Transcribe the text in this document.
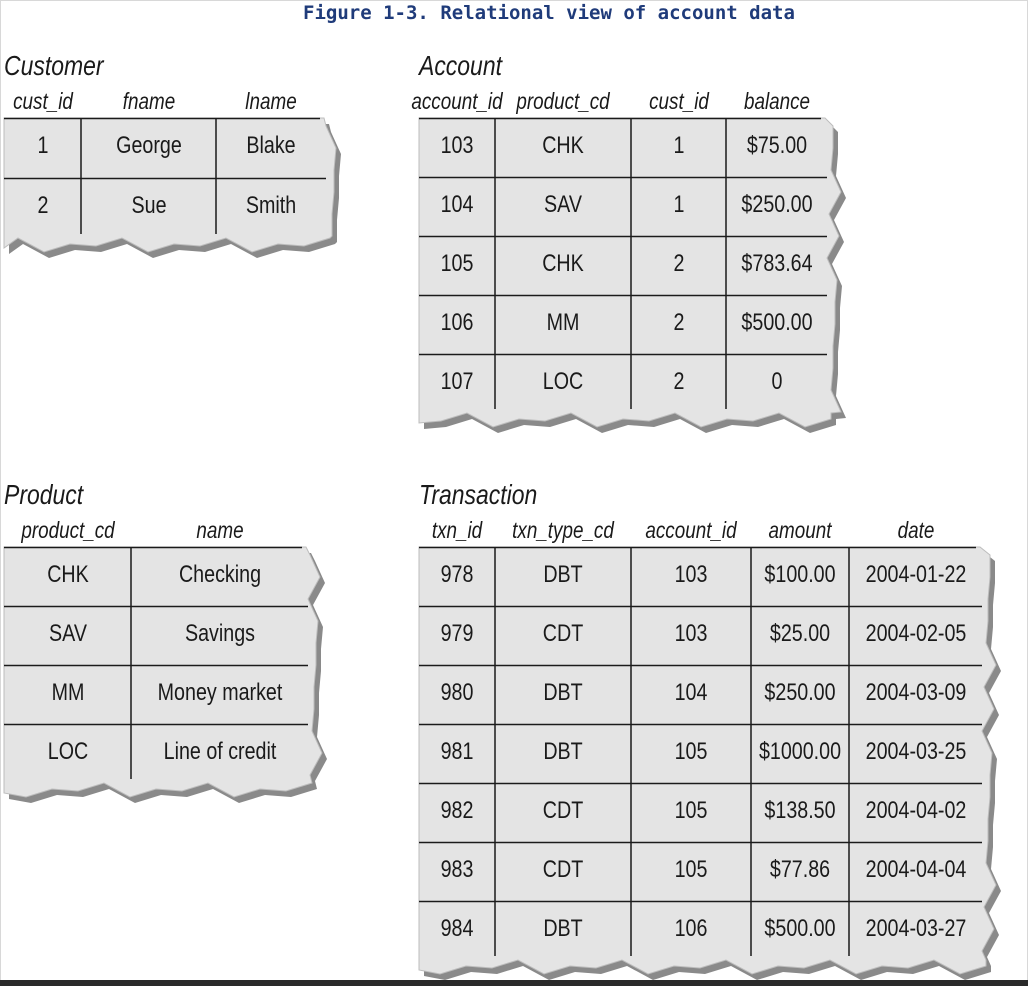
Figure 1-3. Relational view of account data
Customer
cust_id fname	lname
1	George	Blake
2	Sue	Smith
Account
account_id product_cd cust_id balance
103	CHK	1	$75.00
104	SAV	1 $250.00
105	CHK	2 $783.64
106	MM	2 $500.00
107	LOC	2	0
Product
product_cd	name
CHK	Checking
SAV	Savings
MM	Money market
LOC	Line of credit
Transaction
txn_id txn_type_cd account_id amount	date
978	DBT	103 $100.00 2004-01-22
979	CDT	103	$25.00 2004-02-05
980	DBT	104 $250.00 2004-03-09
981	DBT	105 $1000.00 2004-03-25
982	CDT	105 $138.50 2004-04-02
983	CDT	105	$77.86 2004-04-04
984	DBT	106 $500.00 2004-03-27
